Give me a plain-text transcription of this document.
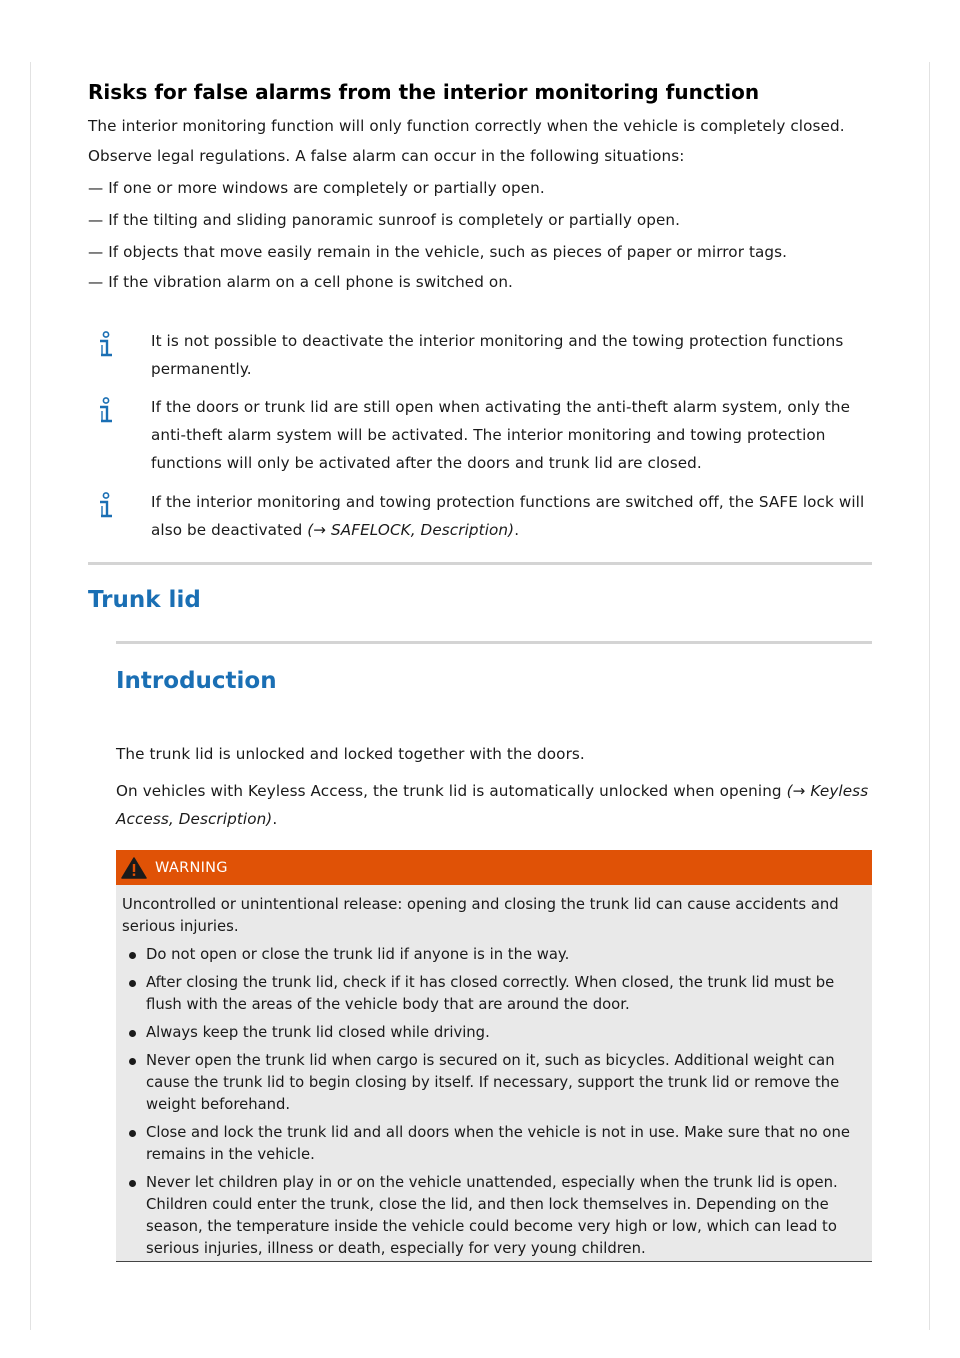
Risks for false alarms from the interior monitoring function

The interior monitoring function will only function correctly when the vehicle is completely closed.

Observe legal regulations. A false alarm can occur in the following situations:

— If one or more windows are completely or partially open.

— If the tilting and sliding panoramic sunroof is completely or partially open.

— If objects that move easily remain in the vehicle, such as pieces of paper or mirror tags.

— If the vibration alarm on a cell phone is switched on.

It is not possible to deactivate the interior monitoring and the towing protection functions permanently.

If the doors or trunk lid are still open when activating the anti-theft alarm system, only the anti-theft alarm system will be activated. The interior monitoring and towing protection functions will only be activated after the doors and trunk lid are closed.

If the interior monitoring and towing protection functions are switched off, the SAFE lock will also be deactivated (→ SAFELOCK, Description).

Trunk lid
Introduction

The trunk lid is unlocked and locked together with the doors.

On vehicles with Keyless Access, the trunk lid is automatically unlocked when opening (→ Keyless Access, Description).

WARNING

Uncontrolled or unintentional release: opening and closing the trunk lid can cause accidents and serious injuries.

Do not open or close the trunk lid if anyone is in the way.
After closing the trunk lid, check if it has closed correctly. When closed, the trunk lid must be flush with the areas of the vehicle body that are around the door.
Always keep the trunk lid closed while driving.
Never open the trunk lid when cargo is secured on it, such as bicycles. Additional weight can cause the trunk lid to begin closing by itself. If necessary, support the trunk lid or remove the weight beforehand.
Close and lock the trunk lid and all doors when the vehicle is not in use. Make sure that no one remains in the vehicle.
Never let children play in or on the vehicle unattended, especially when the trunk lid is open. Children could enter the trunk, close the lid, and then lock themselves in. Depending on the season, the temperature inside the vehicle could become very high or low, which can lead to serious injuries, illness or death, especially for very young children.
